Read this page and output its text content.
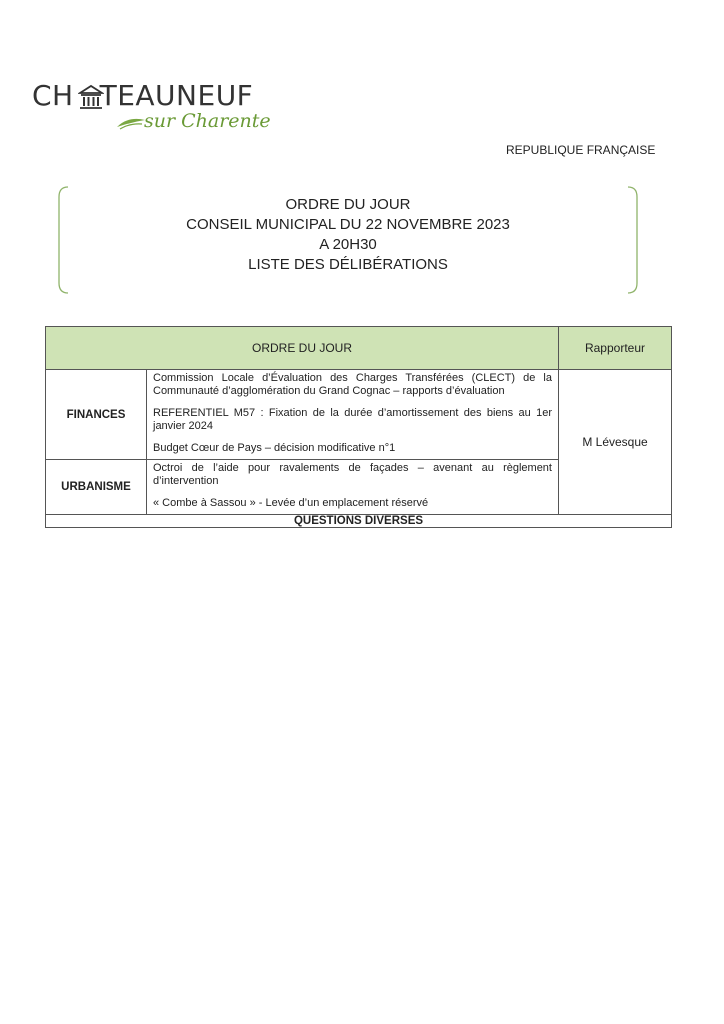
CH TEAUNEUF
sur Charente
REPUBLIQUE FRANÇAISE
ORDRE DU JOUR
CONSEIL MUNICIPAL DU 22 NOVEMBRE 2023
A 20H30
LISTE DES DÉLIBÉRATIONS
ORDRE DU JOUR		Rapporteur
FINANCES	Commission Locale d’Évaluation des Charges Transférées (CLECT) de la Communauté d’agglomération du Grand Cognac – rapports d’évaluation

REFERENTIEL M57 : Fixation de la durée d’amortissement des biens au 1er janvier 2024

Budget Cœur de Pays – décision modificative n°1	M Lévesque
URBANISME	Octroi de l’aide pour ravalements de façades – avenant au règlement d’intervention

« Combe à Sassou » - Levée d’un emplacement réservé	

QUESTIONS DIVERSES		
